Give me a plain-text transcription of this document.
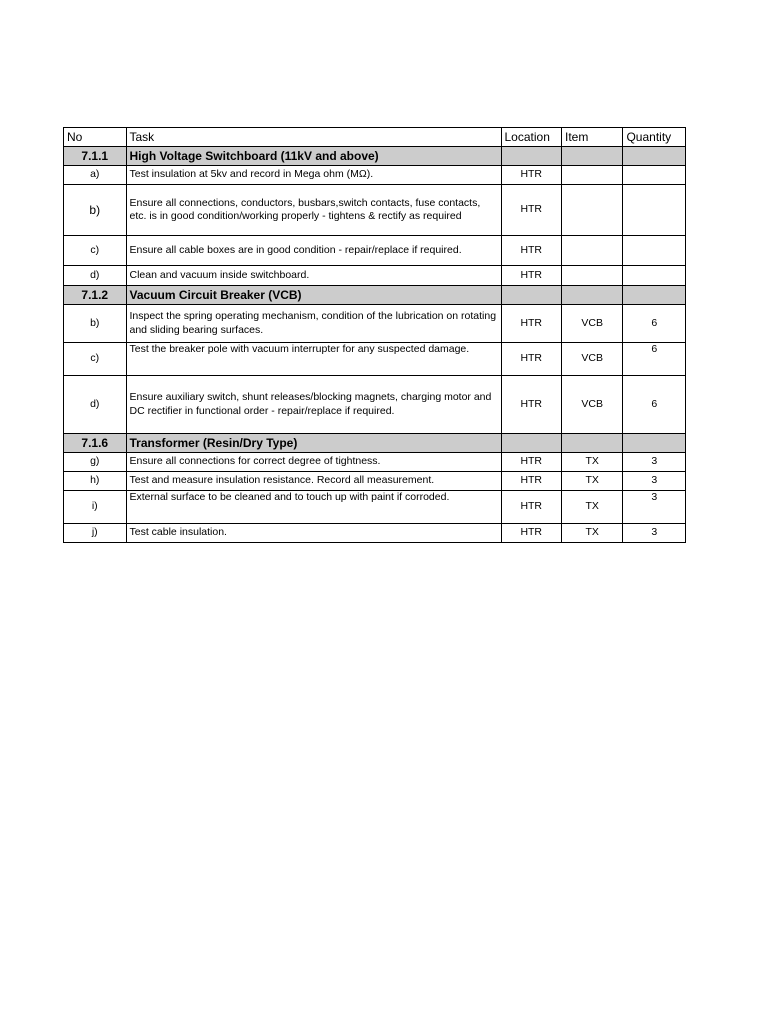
No	Task	Location	Item	Quantity
7.1.1	High Voltage Switchboard (11kV and above)			
a)	Test insulation at 5kv and record in Mega ohm (MΩ).	HTR		
b)	Ensure all connections, conductors, busbars,switch contacts, fuse contacts, etc. is in good condition/working properly - tightens & rectify as required	HTR		
c)	Ensure all cable boxes are in good condition - repair/replace if required.	HTR		
d)	Clean and vacuum inside switchboard.	HTR		
7.1.2	Vacuum Circuit Breaker (VCB)			
b)	Inspect the spring operating mechanism, condition of the lubrication on rotating and sliding bearing surfaces.	HTR	VCB	6
c)	Test the breaker pole with vacuum interrupter for any suspected damage.	HTR	VCB	6
d)	Ensure auxiliary switch, shunt releases/blocking magnets, charging motor and DC rectifier in functional order - repair/replace if required.	HTR	VCB	6
7.1.6	Transformer (Resin/Dry Type)			
g)	Ensure all connections for correct degree of tightness.	HTR	TX	3
h)	Test and measure insulation resistance. Record all measurement.	HTR	TX	3
i)	External surface to be cleaned and to touch up with paint if corroded.	HTR	TX	3
j)	Test cable insulation.	HTR	TX	3
